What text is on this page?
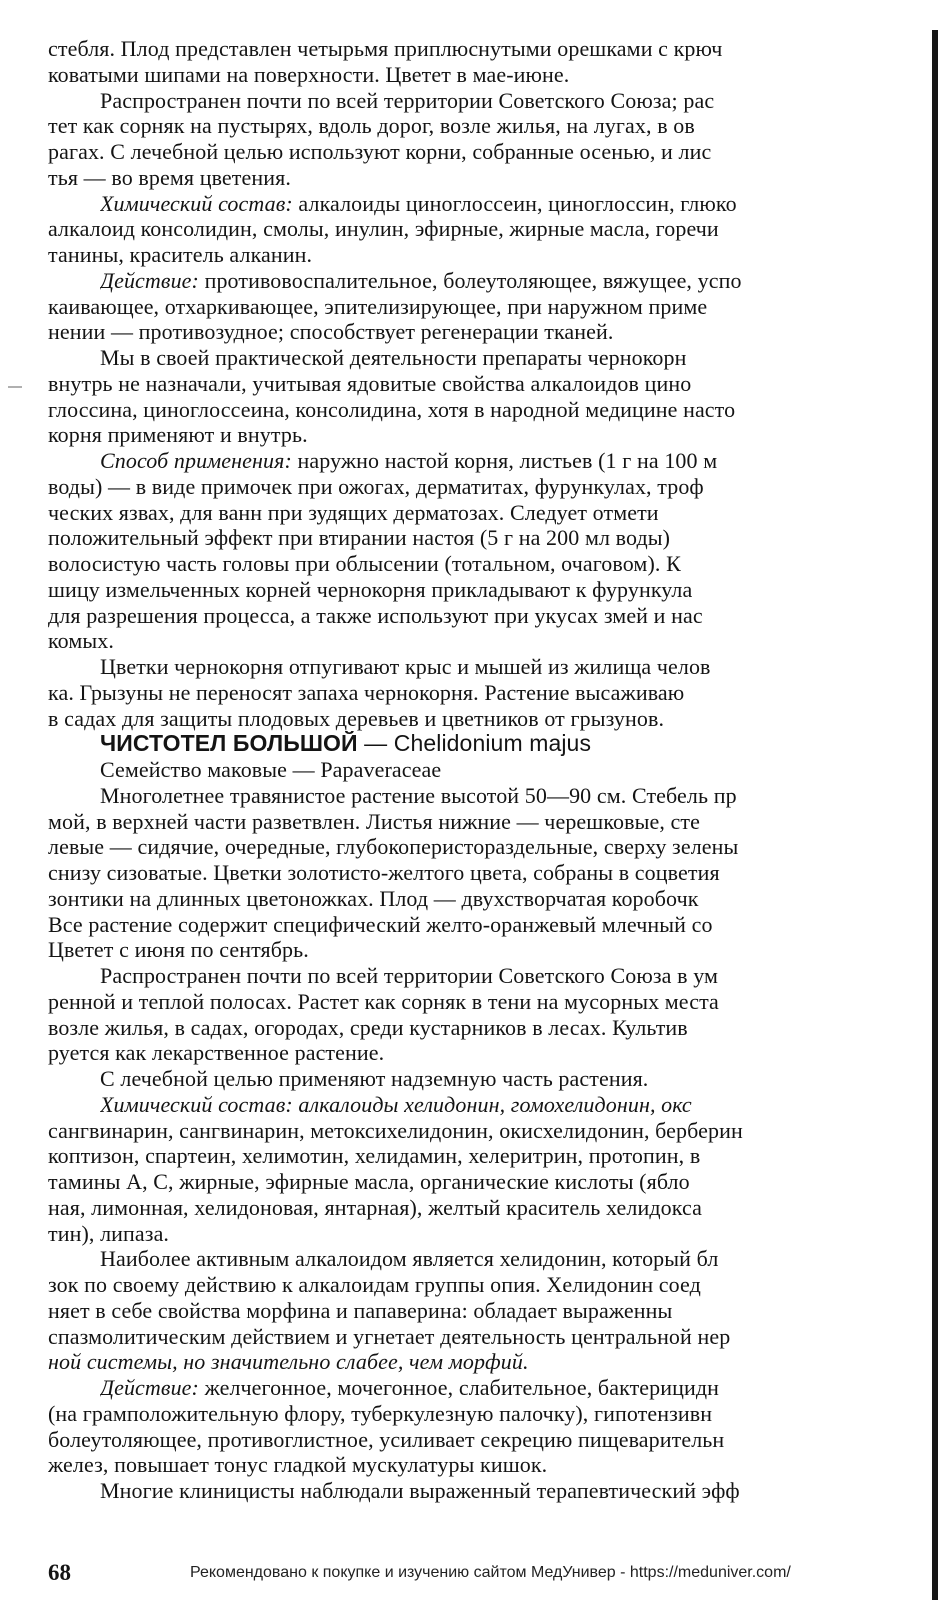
стебля. Плод представлен четырьмя приплюснутыми орешками с крюч
коватыми шипами на поверхности. Цветет в мае-июне.
Распространен почти по всей территории Советского Союза; рас
тет как сорняк на пустырях, вдоль дорог, возле жилья, на лугах, в ов
рагах. С лечебной целью используют корни, собранные осенью, и лис
тья — во время цветения.
Химический состав: алкалоиды циноглоссеин, циноглоссин, глюко
алкалоид консолидин, смолы, инулин, эфирные, жирные масла, горечи
танины, краситель алканин.
Действие: противовоспалительное, болеутоляющее, вяжущее, успо
каивающее, отхаркивающее, эпителизирующее, при наружном приме
нении — противозудное; способствует регенерации тканей.
Мы в своей практической деятельности препараты чернокорн
внутрь не назначали, учитывая ядовитые свойства алкалоидов цино
глоссина, циноглоссеина, консолидина, хотя в народной медицине насто
корня применяют и внутрь.
Способ применения: наружно настой корня, листьев (1 г на 100 м
воды) — в виде примочек при ожогах, дерматитах, фурункулах, троф
ческих язвах, для ванн при зудящих дерматозах. Следует отмети
положительный эффект при втирании настоя (5 г на 200 мл воды)
волосистую часть головы при облысении (тотальном, очаговом). К
шицу измельченных корней чернокорня прикладывают к фурункула
для разрешения процесса, а также используют при укусах змей и нас
комых.
Цветки чернокорня отпугивают крыс и мышей из жилища челов
ка. Грызуны не переносят запаха чернокорня. Растение высаживаю
в садах для защиты плодовых деревьев и цветников от грызунов.
ЧИСТОТЕЛ БОЛЬШОЙ — Chelidonium majus
Семейство маковые — Papaveraceae
Многолетнее травянистое растение высотой 50—90 см. Стебель пр
мой, в верхней части разветвлен. Листья нижние — черешковые, сте
левые — сидячие, очередные, глубокоперистораздельные, сверху зелены
снизу сизоватые. Цветки золотисто-желтого цвета, собраны в соцветия
зонтики на длинных цветоножках. Плод — двухстворчатая коробочк
Все растение содержит специфический желто-оранжевый млечный со
Цветет с июня по сентябрь.
Распространен почти по всей территории Советского Союза в ум
ренной и теплой полосах. Растет как сорняк в тени на мусорных места
возле жилья, в садах, огородах, среди кустарников в лесах. Культив
руется как лекарственное растение.
С лечебной целью применяют надземную часть растения.
Химический состав: алкалоиды хелидонин, гомохелидонин, окс
сангвинарин, сангвинарин, метоксихелидонин, окисхелидонин, берберин
коптизон, спартеин, хелимотин, хелидамин, хелеритрин, протопин, в
тамины А, С, жирные, эфирные масла, органические кислоты (ябло
ная, лимонная, хелидоновая, янтарная), желтый краситель хелидокса
тин), липаза.
Наиболее активным алкалоидом является хелидонин, который бл
зок по своему действию к алкалоидам группы опия. Хелидонин соед
няет в себе свойства морфина и папаверина: обладает выраженны
спазмолитическим действием и угнетает деятельность центральной нер
ной системы, но значительно слабее, чем морфий.
Действие: желчегонное, мочегонное, слабительное, бактерицидн
(на грамположительную флору, туберкулезную палочку), гипотензивн
болеутоляющее, противоглистное, усиливает секрецию пищеварительн
желез, повышает тонус гладкой мускулатуры кишок.
Многие клиницисты наблюдали выраженный терапевтический эфф
68	Рекомендовано к покупке и изучению сайтом МедУнивер - https://meduniver.com/
